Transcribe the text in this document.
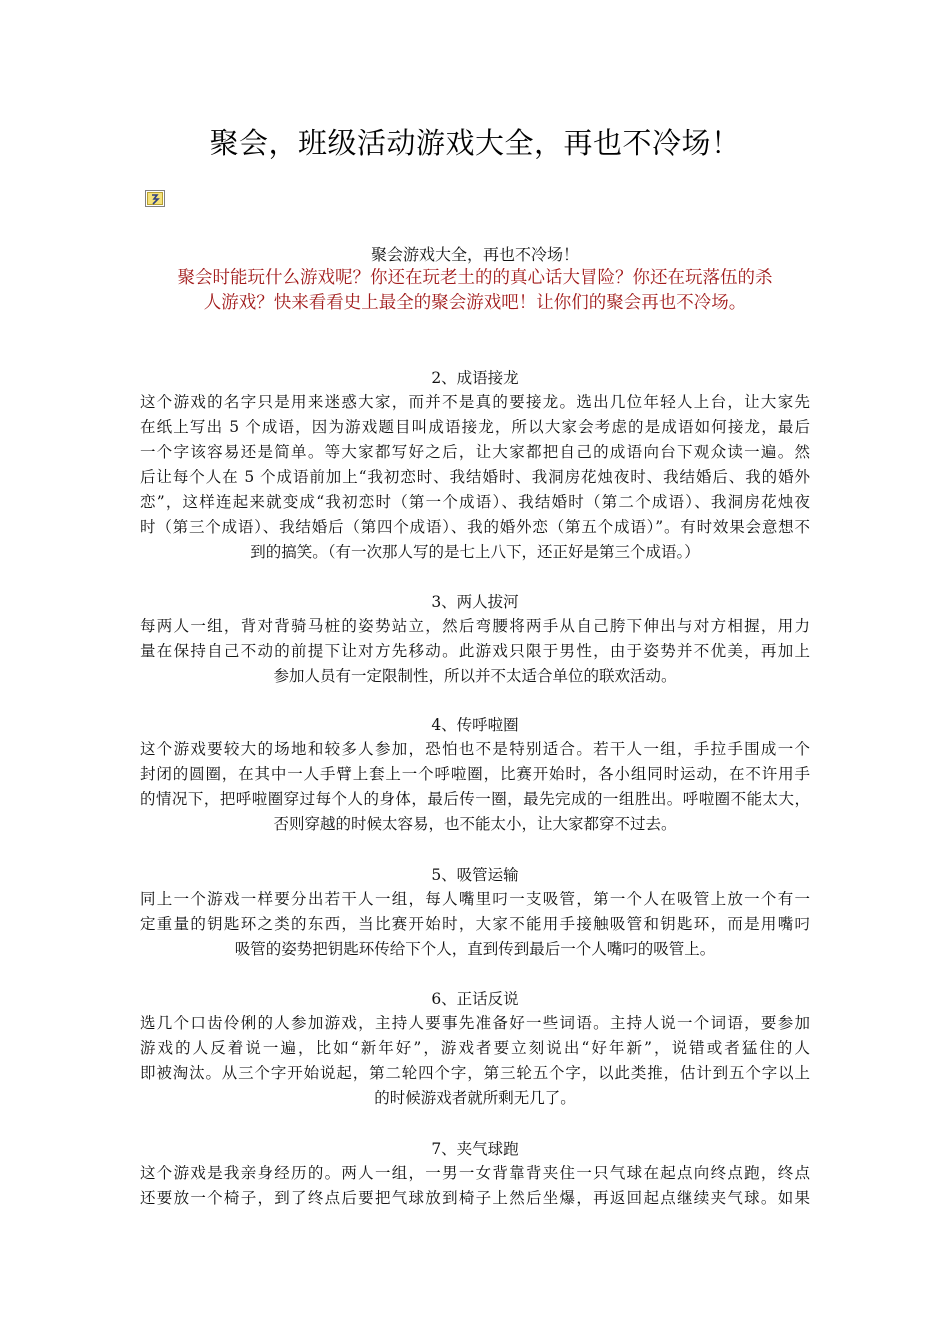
聚会，班级活动游戏大全，再也不冷场！
聚会游戏大全，再也不冷场！
聚会时能玩什么游戏呢？你还在玩老土的的真心话大冒险？你还在玩落伍的杀
人游戏？快来看看史上最全的聚会游戏吧！让你们的聚会再也不冷场。
2、成语接龙
这个游戏的名字只是用来迷惑大家，而并不是真的要接龙。选出几位年轻人上台，让大家先
在纸上写出 5 个成语，因为游戏题目叫成语接龙，所以大家会考虑的是成语如何接龙，最后
一个字该容易还是简单。等大家都写好之后，让大家都把自己的成语向台下观众读一遍。然
后让每个人在 5 个成语前加上“我初恋时、我结婚时、我洞房花烛夜时、我结婚后、我的婚外
恋”，这样连起来就变成“我初恋时（第一个成语）、我结婚时（第二个成语）、我洞房花烛夜
时（第三个成语）、我结婚后（第四个成语）、我的婚外恋（第五个成语）”。有时效果会意想不
到的搞笑。（有一次那人写的是七上八下，还正好是第三个成语。）
3、两人拔河
每两人一组，背对背骑马桩的姿势站立，然后弯腰将两手从自己胯下伸出与对方相握，用力
量在保持自己不动的前提下让对方先移动。此游戏只限于男性，由于姿势并不优美，再加上
参加人员有一定限制性，所以并不太适合单位的联欢活动。
4、传呼啦圈
这个游戏要较大的场地和较多人参加，恐怕也不是特别适合。若干人一组，手拉手围成一个
封闭的圆圈，在其中一人手臂上套上一个呼啦圈，比赛开始时，各小组同时运动，在不许用手
的情况下，把呼啦圈穿过每个人的身体，最后传一圈，最先完成的一组胜出。呼啦圈不能太大，
否则穿越的时候太容易，也不能太小，让大家都穿不过去。
5、吸管运输
同上一个游戏一样要分出若干人一组，每人嘴里叼一支吸管，第一个人在吸管上放一个有一
定重量的钥匙环之类的东西，当比赛开始时，大家不能用手接触吸管和钥匙环，而是用嘴叼
吸管的姿势把钥匙环传给下个人，直到传到最后一个人嘴叼的吸管上。
6、正话反说
选几个口齿伶俐的人参加游戏，主持人要事先准备好一些词语。主持人说一个词语，要参加
游戏的人反着说一遍，比如“新年好”，游戏者要立刻说出“好年新”，说错或者猛住的人
即被淘汰。从三个字开始说起，第二轮四个字，第三轮五个字，以此类推，估计到五个字以上
的时候游戏者就所剩无几了。
7、夹气球跑
这个游戏是我亲身经历的。两人一组，一男一女背靠背夹住一只气球在起点向终点跑，终点
还要放一个椅子，到了终点后要把气球放到椅子上然后坐爆，再返回起点继续夹气球。如果
